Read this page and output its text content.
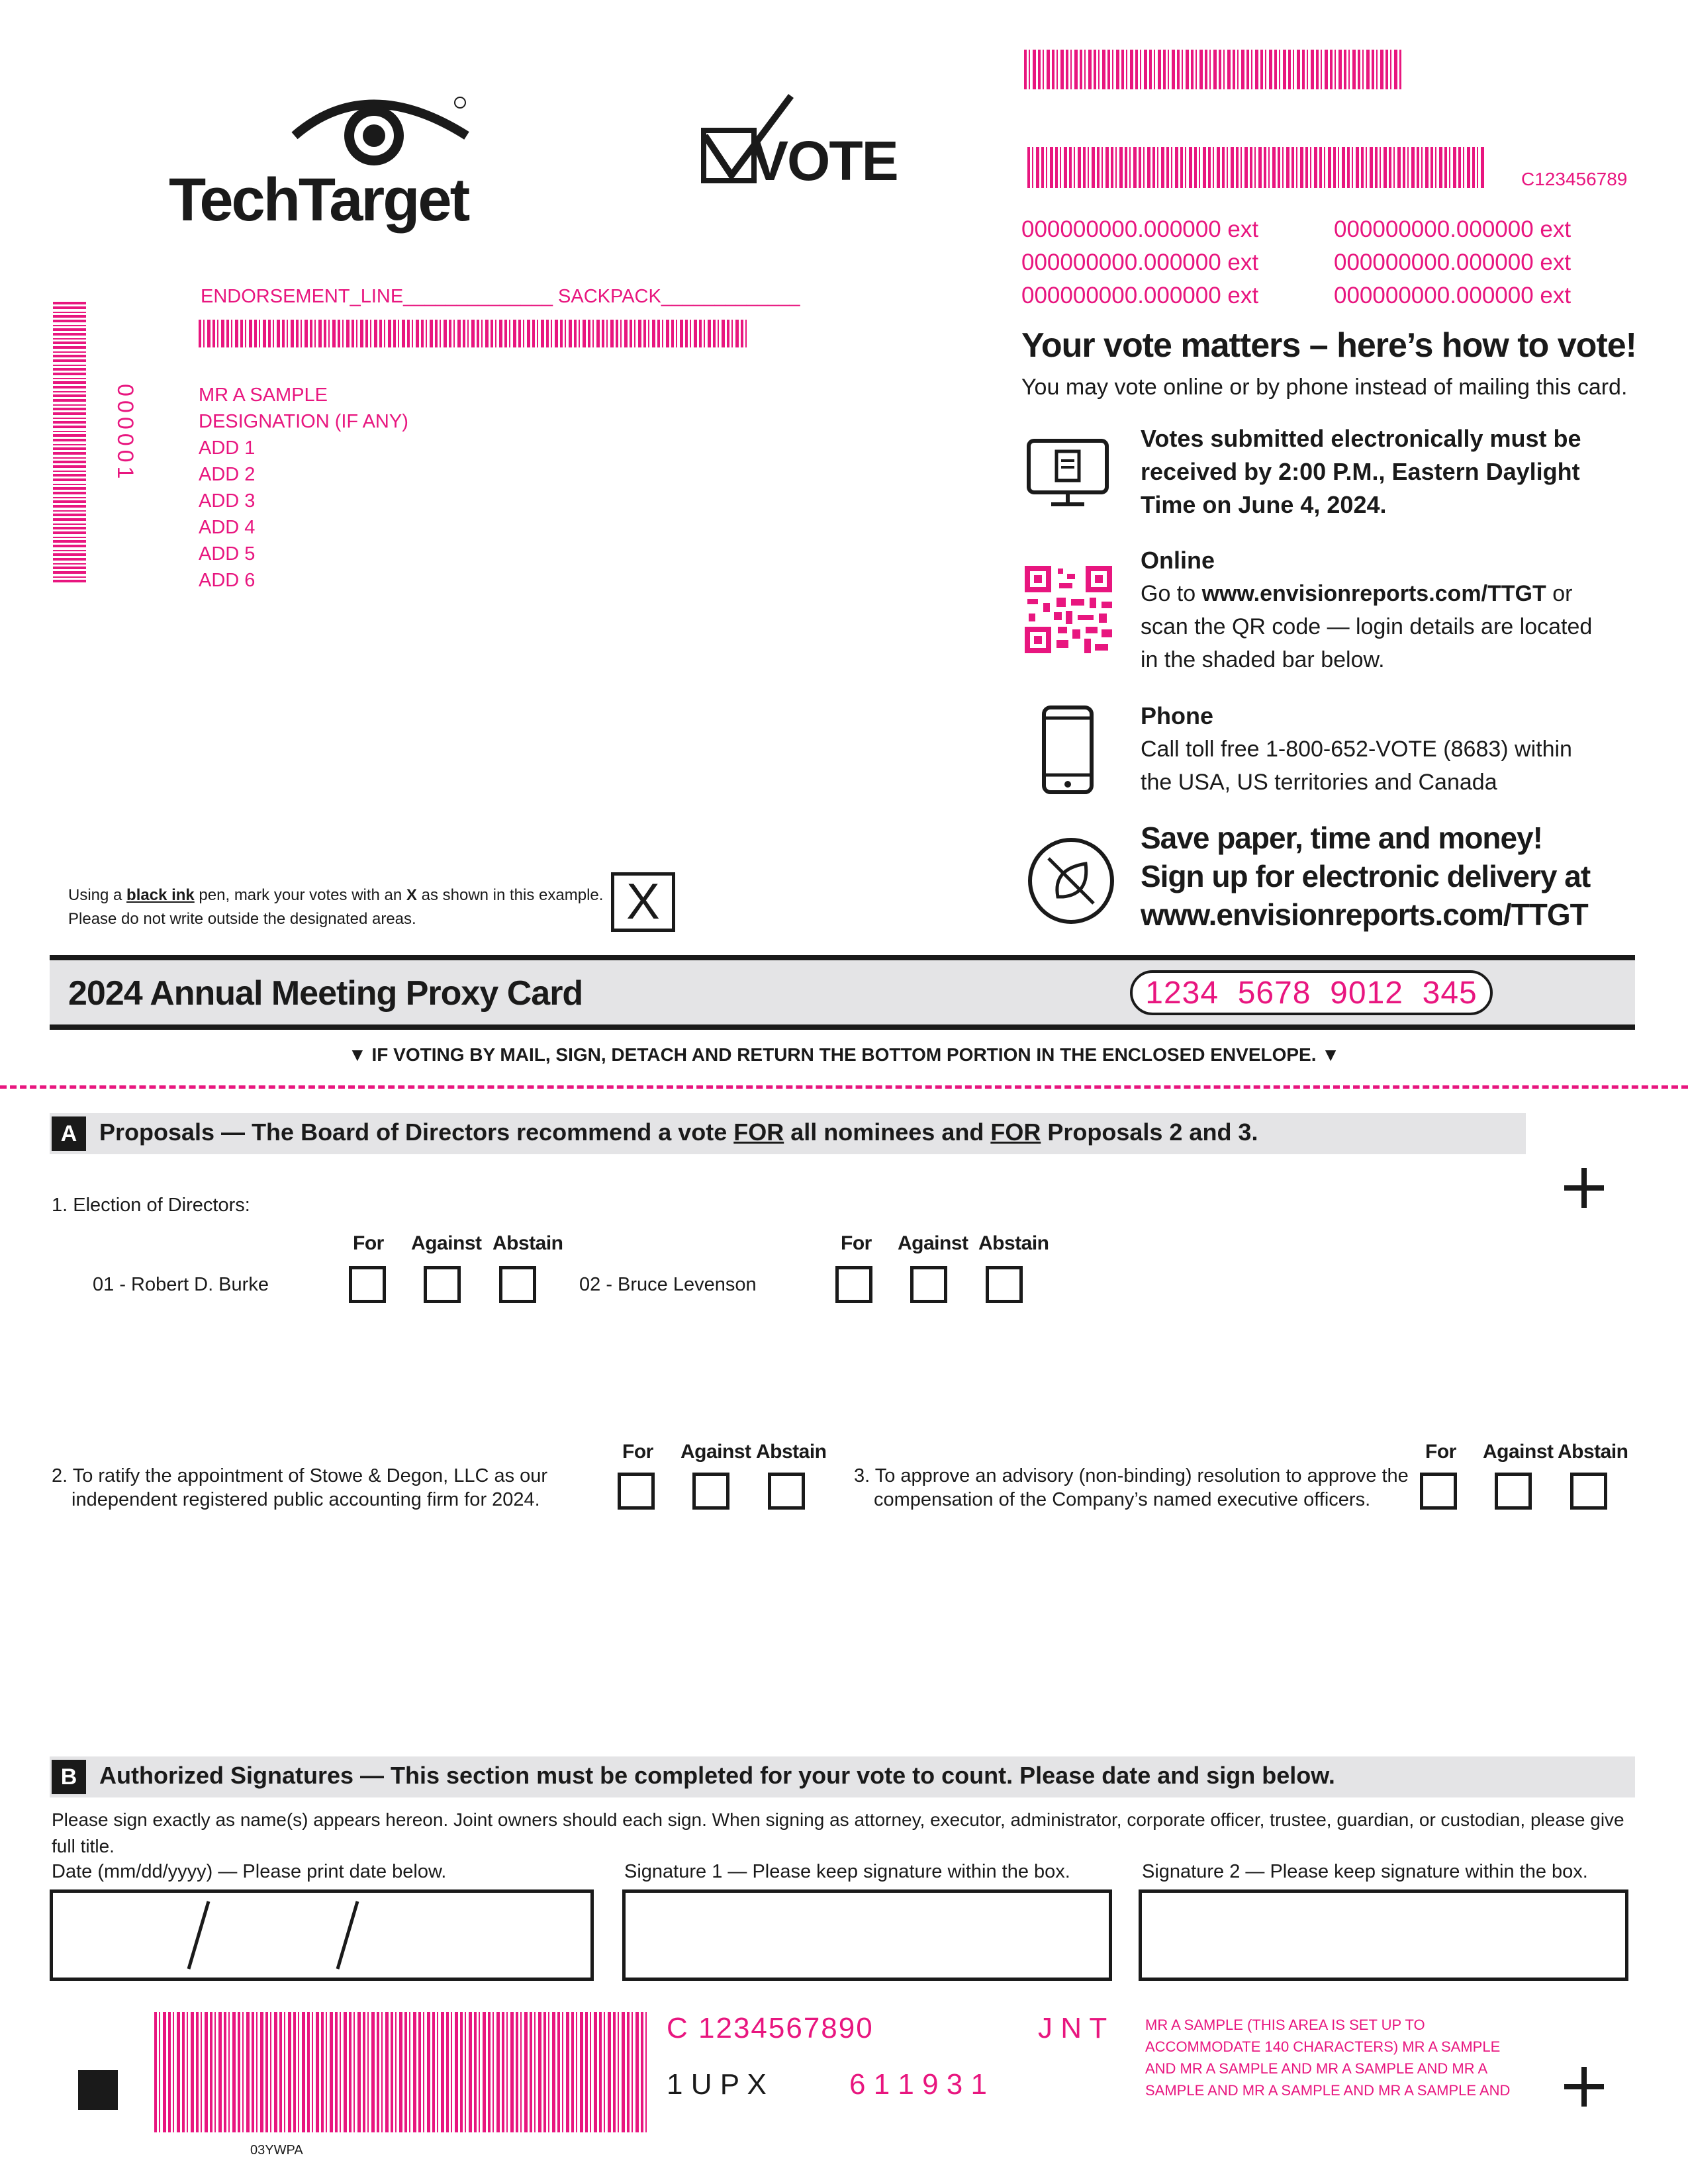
TechTarget
VOTE
000001
ENDORSEMENT_LINE______________ SACKPACK_____________
MR A SAMPLE
DESIGNATION (IF ANY)
ADD 1
ADD 2
ADD 3
ADD 4
ADD 5
ADD 6
C123456789
000000000.000000 ext
000000000.000000 ext
000000000.000000 ext
000000000.000000 ext
000000000.000000 ext
000000000.000000 ext
Your vote matters – here’s how to vote!
You may vote online or by phone instead of mailing this card.
Votes submitted electronically must be received by 2:00 P.M., Eastern Daylight Time on June 4, 2024.
Online
Go to www.envisionreports.com/TTGT or scan the QR code — login details are located in the shaded bar below.
Phone
Call toll free 1-800-652-VOTE (8683) within the USA, US territories and Canada
Save paper, time and money!
Sign up for electronic delivery at
www.envisionreports.com/TTGT
Using a black ink pen, mark your votes with an X as shown in this example.
Please do not write outside the designated areas.	X
2024 Annual Meeting Proxy Card	1234  5678  9012  345
▼ IF VOTING BY MAIL, SIGN, DETACH AND RETURN THE BOTTOM PORTION IN THE ENCLOSED ENVELOPE. ▼
A Proposals — The Board of Directors recommend a vote FOR all nominees and FOR Proposals 2 and 3.
1. Election of Directors:
For Against Abstain
01 - Robert D. Burke
For Against Abstain
02 - Bruce Levenson
2. To ratify the appointment of Stowe & Degon, LLC as our
independent registered public accounting firm for 2024.
For Against Abstain
3. To approve an advisory (non-binding) resolution to approve the
compensation of the Company’s named executive officers.
For Against Abstain
B Authorized Signatures — This section must be completed for your vote to count. Please date and sign below.
Please sign exactly as name(s) appears hereon. Joint owners should each sign. When signing as attorney, executor, administrator, corporate officer, trustee, guardian, or custodian, please give full title.
Date (mm/dd/yyyy) — Please print date below.	Signature 1 — Please keep signature within the box.	Signature 2 — Please keep signature within the box.
C 1234567890	J N T
1 U P X	6 1 1 9 3 1
MR A SAMPLE (THIS AREA IS SET UP TO ACCOMMODATE 140 CHARACTERS) MR A SAMPLE AND MR A SAMPLE AND MR A SAMPLE AND MR A SAMPLE AND MR A SAMPLE AND MR A SAMPLE AND
03YWPA
